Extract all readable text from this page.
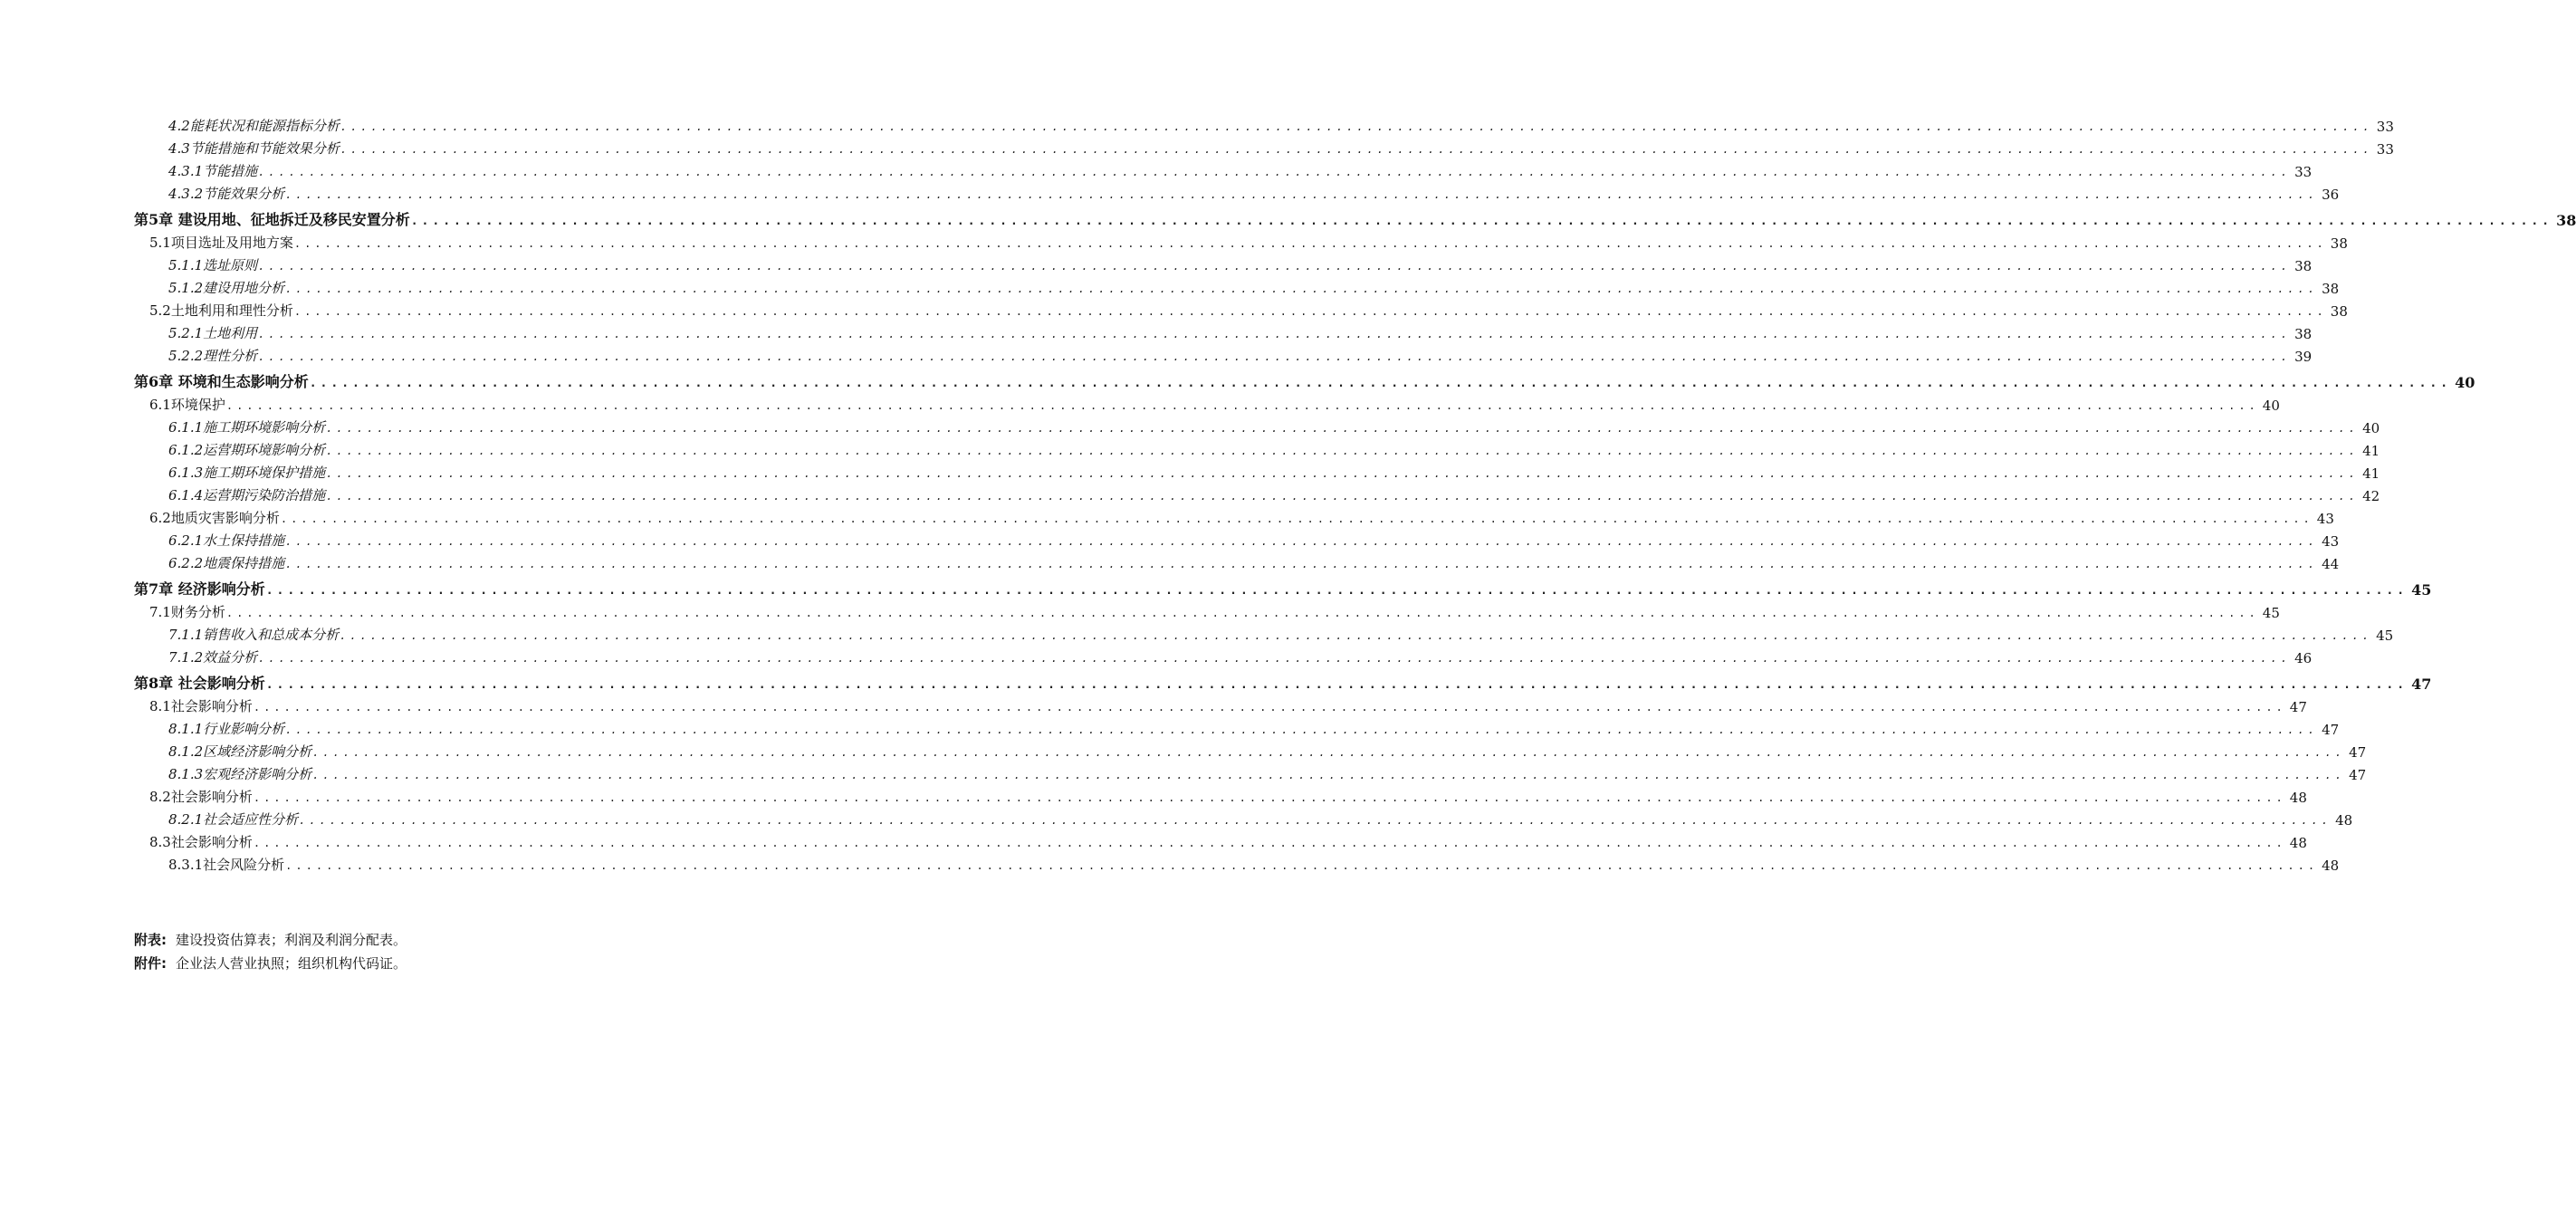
4.2能耗状况和能源指标分析 ........................................................................................................................................................................................................ 33
4.3节能措施和节能效果分析 ........................................................................................................................................................................................................ 33
4.3.1节能措施 ........................................................................................................................................................................................................ 33
4.3.2节能效果分析 ........................................................................................................................................................................................................ 36
第5章 建设用地、征地拆迁及移民安置分析 ........................................................................................................................................................................................................ 38
5.1项目选址及用地方案 ........................................................................................................................................................................................................ 38
5.1.1选址原则 ........................................................................................................................................................................................................ 38
5.1.2建设用地分析 ........................................................................................................................................................................................................ 38
5.2土地利用和理性分析 ........................................................................................................................................................................................................ 38
5.2.1土地利用 ........................................................................................................................................................................................................ 38
5.2.2理性分析 ........................................................................................................................................................................................................ 39
第6章 环境和生态影响分析 ........................................................................................................................................................................................................ 40
6.1环境保护 ........................................................................................................................................................................................................ 40
6.1.1施工期环境影响分析 ........................................................................................................................................................................................................ 40
6.1.2运营期环境影响分析 ........................................................................................................................................................................................................ 41
6.1.3施工期环境保护措施 ........................................................................................................................................................................................................ 41
6.1.4运营期污染防治措施 ........................................................................................................................................................................................................ 42
6.2地质灾害影响分析 ........................................................................................................................................................................................................ 43
6.2.1水土保持措施 ........................................................................................................................................................................................................ 43
6.2.2地震保持措施 ........................................................................................................................................................................................................ 44
第7章 经济影响分析 ........................................................................................................................................................................................................ 45
7.1财务分析 ........................................................................................................................................................................................................ 45
7.1.1销售收入和总成本分析 ........................................................................................................................................................................................................ 45
7.1.2效益分析 ........................................................................................................................................................................................................ 46
第8章 社会影响分析 ........................................................................................................................................................................................................ 47
8.1社会影响分析 ........................................................................................................................................................................................................ 47
8.1.1行业影响分析 ........................................................................................................................................................................................................ 47
8.1.2区域经济影响分析 ........................................................................................................................................................................................................ 47
8.1.3宏观经济影响分析 ........................................................................................................................................................................................................ 47
8.2社会影响分析 ........................................................................................................................................................................................................ 48
8.2.1社会适应性分析 ........................................................................................................................................................................................................ 48
8.3社会影响分析 ........................................................................................................................................................................................................ 48
8.3.1社会风险分析 ........................................................................................................................................................................................................ 48
附表: 建设投资估算表；利润及利润分配表。
附件: 企业法人营业执照；组织机构代码证。
